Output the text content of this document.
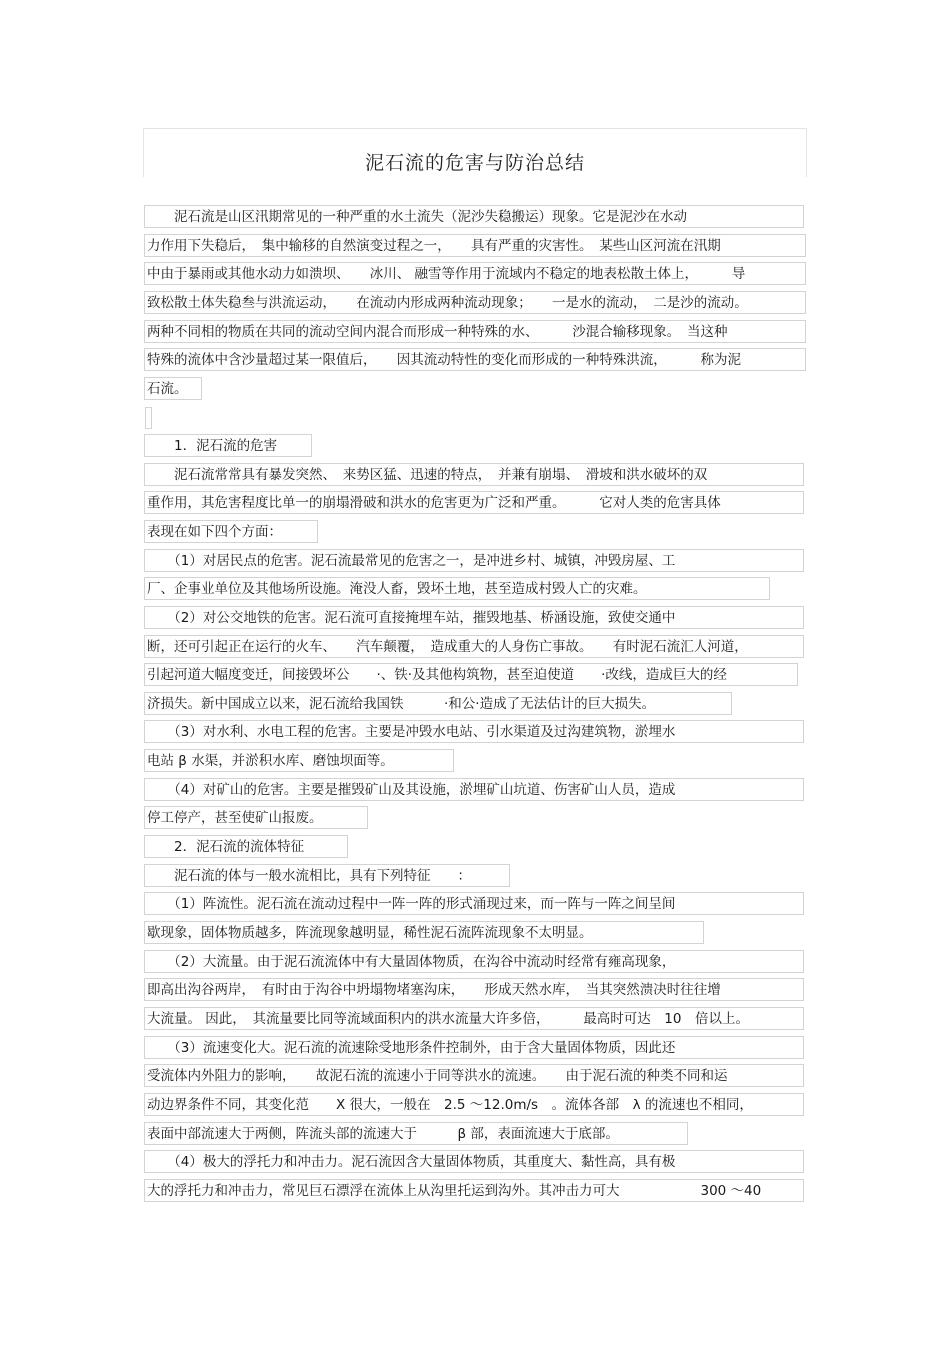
泥石流的危害与防治总结
　　泥石流是山区汛期常见的一种严重的水土流失（泥沙失稳搬运）现象。它是泥沙在水动
力作用下失稳后，　集中输移的自然演变过程之一，　　具有严重的灾害性。　某些山区河流在汛期
中由于暴雨或其他水动力如溃坝、　　冰川、 融雪等作用于流域内不稳定的地表松散土体上，　　　导
致松散土体失稳叁与洪流运动，　　在流动内形成两种流动现象；　　一是水的流动，　二是沙的流动。
两种不同相的物质在共同的流动空间内混合而形成一种特殊的水、　　　沙混合输移现象。　当这种
特殊的流体中含沙量超过某一限值后，　　因其流动特性的变化而形成的一种特殊洪流，　　　称为泥
石流。
　　1．泥石流的危害
　　泥石流常常具有暴发突然、　来势区猛、迅速的特点，　并兼有崩塌、　滑坡和洪水破坏的双
重作用，其危害程度比单一的崩塌滑破和洪水的危害更为广泛和严重。　　　它对人类的危害具体
表现在如下四个方面：
　　（1）对居民点的危害。泥石流最常见的危害之一，是冲进乡村、城镇，冲毁房屋、工
厂、企事业单位及其他场所设施。淹没人畜，毁坏土地，甚至造成村毁人亡的灾难。
　　（2）对公交地铁的危害。泥石流可直接掩埋车站，摧毁地基、桥涵设施，致使交通中
断，还可引起正在运行的火车、　　汽车颠覆，　造成重大的人身伤亡事故。　　有时泥石流汇人河道，
引起河道大幅度变迁，间接毁坏公　　·、铁·及其他构筑物，甚至迫使道　　·改线，造成巨大的经
济损失。新中国成立以来，泥石流给我国铁　　　·和公·造成了无法估计的巨大损失。
　　（3）对水利、水电工程的危害。主要是冲毁水电站、引水渠道及过沟建筑物，淤埋水
电站 β 水渠，并淤积水库、磨蚀坝面等。
　　（4）对矿山的危害。主要是摧毁矿山及其设施，淤埋矿山坑道、伤害矿山人员，造成
停工停产，甚至使矿山报废。
　　2．泥石流的流体特征
　　泥石流的体与一般水流相比，具有下列特征　　：
　　（1）阵流性。泥石流在流动过程中一阵一阵的形式涌现过来，而一阵与一阵之间呈间
歇现象，固体物质越多，阵流现象越明显，稀性泥石流阵流现象不太明显。
　　（2）大流量。由于泥石流流体中有大量固体物质，在沟谷中流动时经常有雍高现象，
即高出沟谷两岸，　有时由于沟谷中坍塌物堵塞沟床，　　形成天然水库，　当其突然溃决时往往增
大流量。 因此，　其流量要比同等流域面积内的洪水流量大许多倍，　　　最高时可达　10　倍以上。
　　（3）流速变化大。泥石流的流速除受地形条件控制外，由于含大量固体物质，因此还
受流体内外阻力的影响，　　故泥石流的流速小于同等洪水的流速。　　由于泥石流的种类不同和运
动边界条件不同，其变化范　　X 很大，一般在　2.5 ～12.0m/s　。流体各部　λ 的流速也不相同，
表面中部流速大于两侧，阵流头部的流速大于　　　β 部，表面流速大于底部。
　　（4）极大的浮托力和冲击力。泥石流因含大量固体物质，其重度大、黏性高，具有极
大的浮托力和冲击力，常见巨石漂浮在流体上从沟里托运到沟外。其冲击力可大　　　　　　300 ～40
